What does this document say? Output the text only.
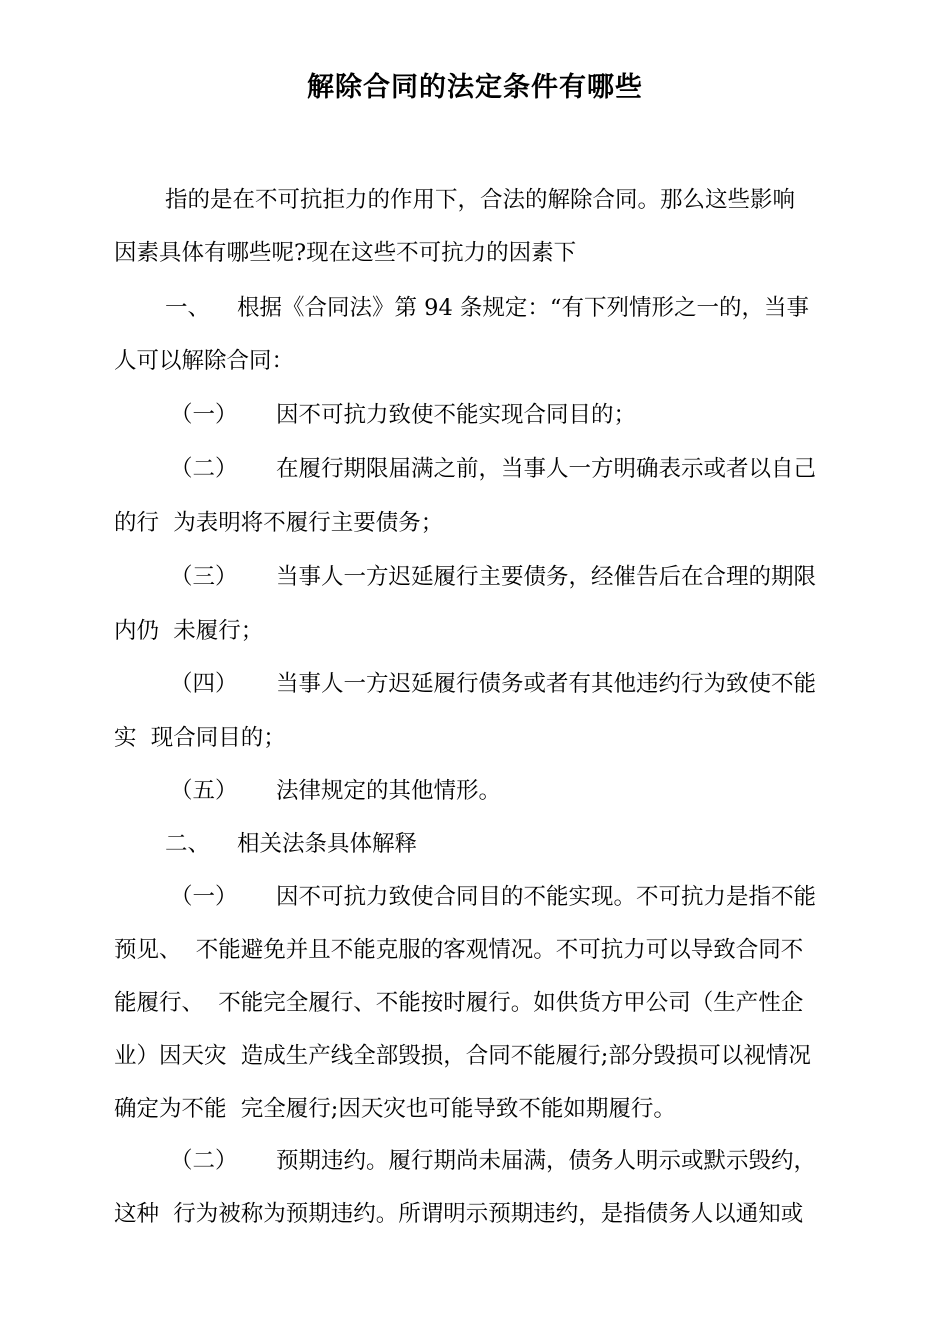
解除合同的法定条件有哪些
指的是在不可抗拒力的作用下，合法的解除合同。那么这些影响
因素具体有哪些呢?现在这些不可抗力的因素下
一、 根据《合同法》第 94 条规定：“有下列情形之一的，当事
人可以解除合同：
（一） 因不可抗力致使不能实现合同目的；
（二） 在履行期限届满之前，当事人一方明确表示或者以自己
的行  为表明将不履行主要债务；
（三） 当事人一方迟延履行主要债务，经催告后在合理的期限
内仍  未履行；
（四） 当事人一方迟延履行债务或者有其他违约行为致使不能
实  现合同目的；
（五） 法律规定的其他情形。
二、 相关法条具体解释
（一） 因不可抗力致使合同目的不能实现。不可抗力是指不能
预见、  不能避免并且不能克服的客观情况。不可抗力可以导致合同不
能履行、  不能完全履行、不能按时履行。如供货方甲公司（生产性企
业）因天灾  造成生产线全部毁损，合同不能履行;部分毁损可以视情况
确定为不能  完全履行;因天灾也可能导致不能如期履行。
（二） 预期违约。履行期尚未届满，债务人明示或默示毁约，
这种  行为被称为预期违约。所谓明示预期违约，是指债务人以通知或
